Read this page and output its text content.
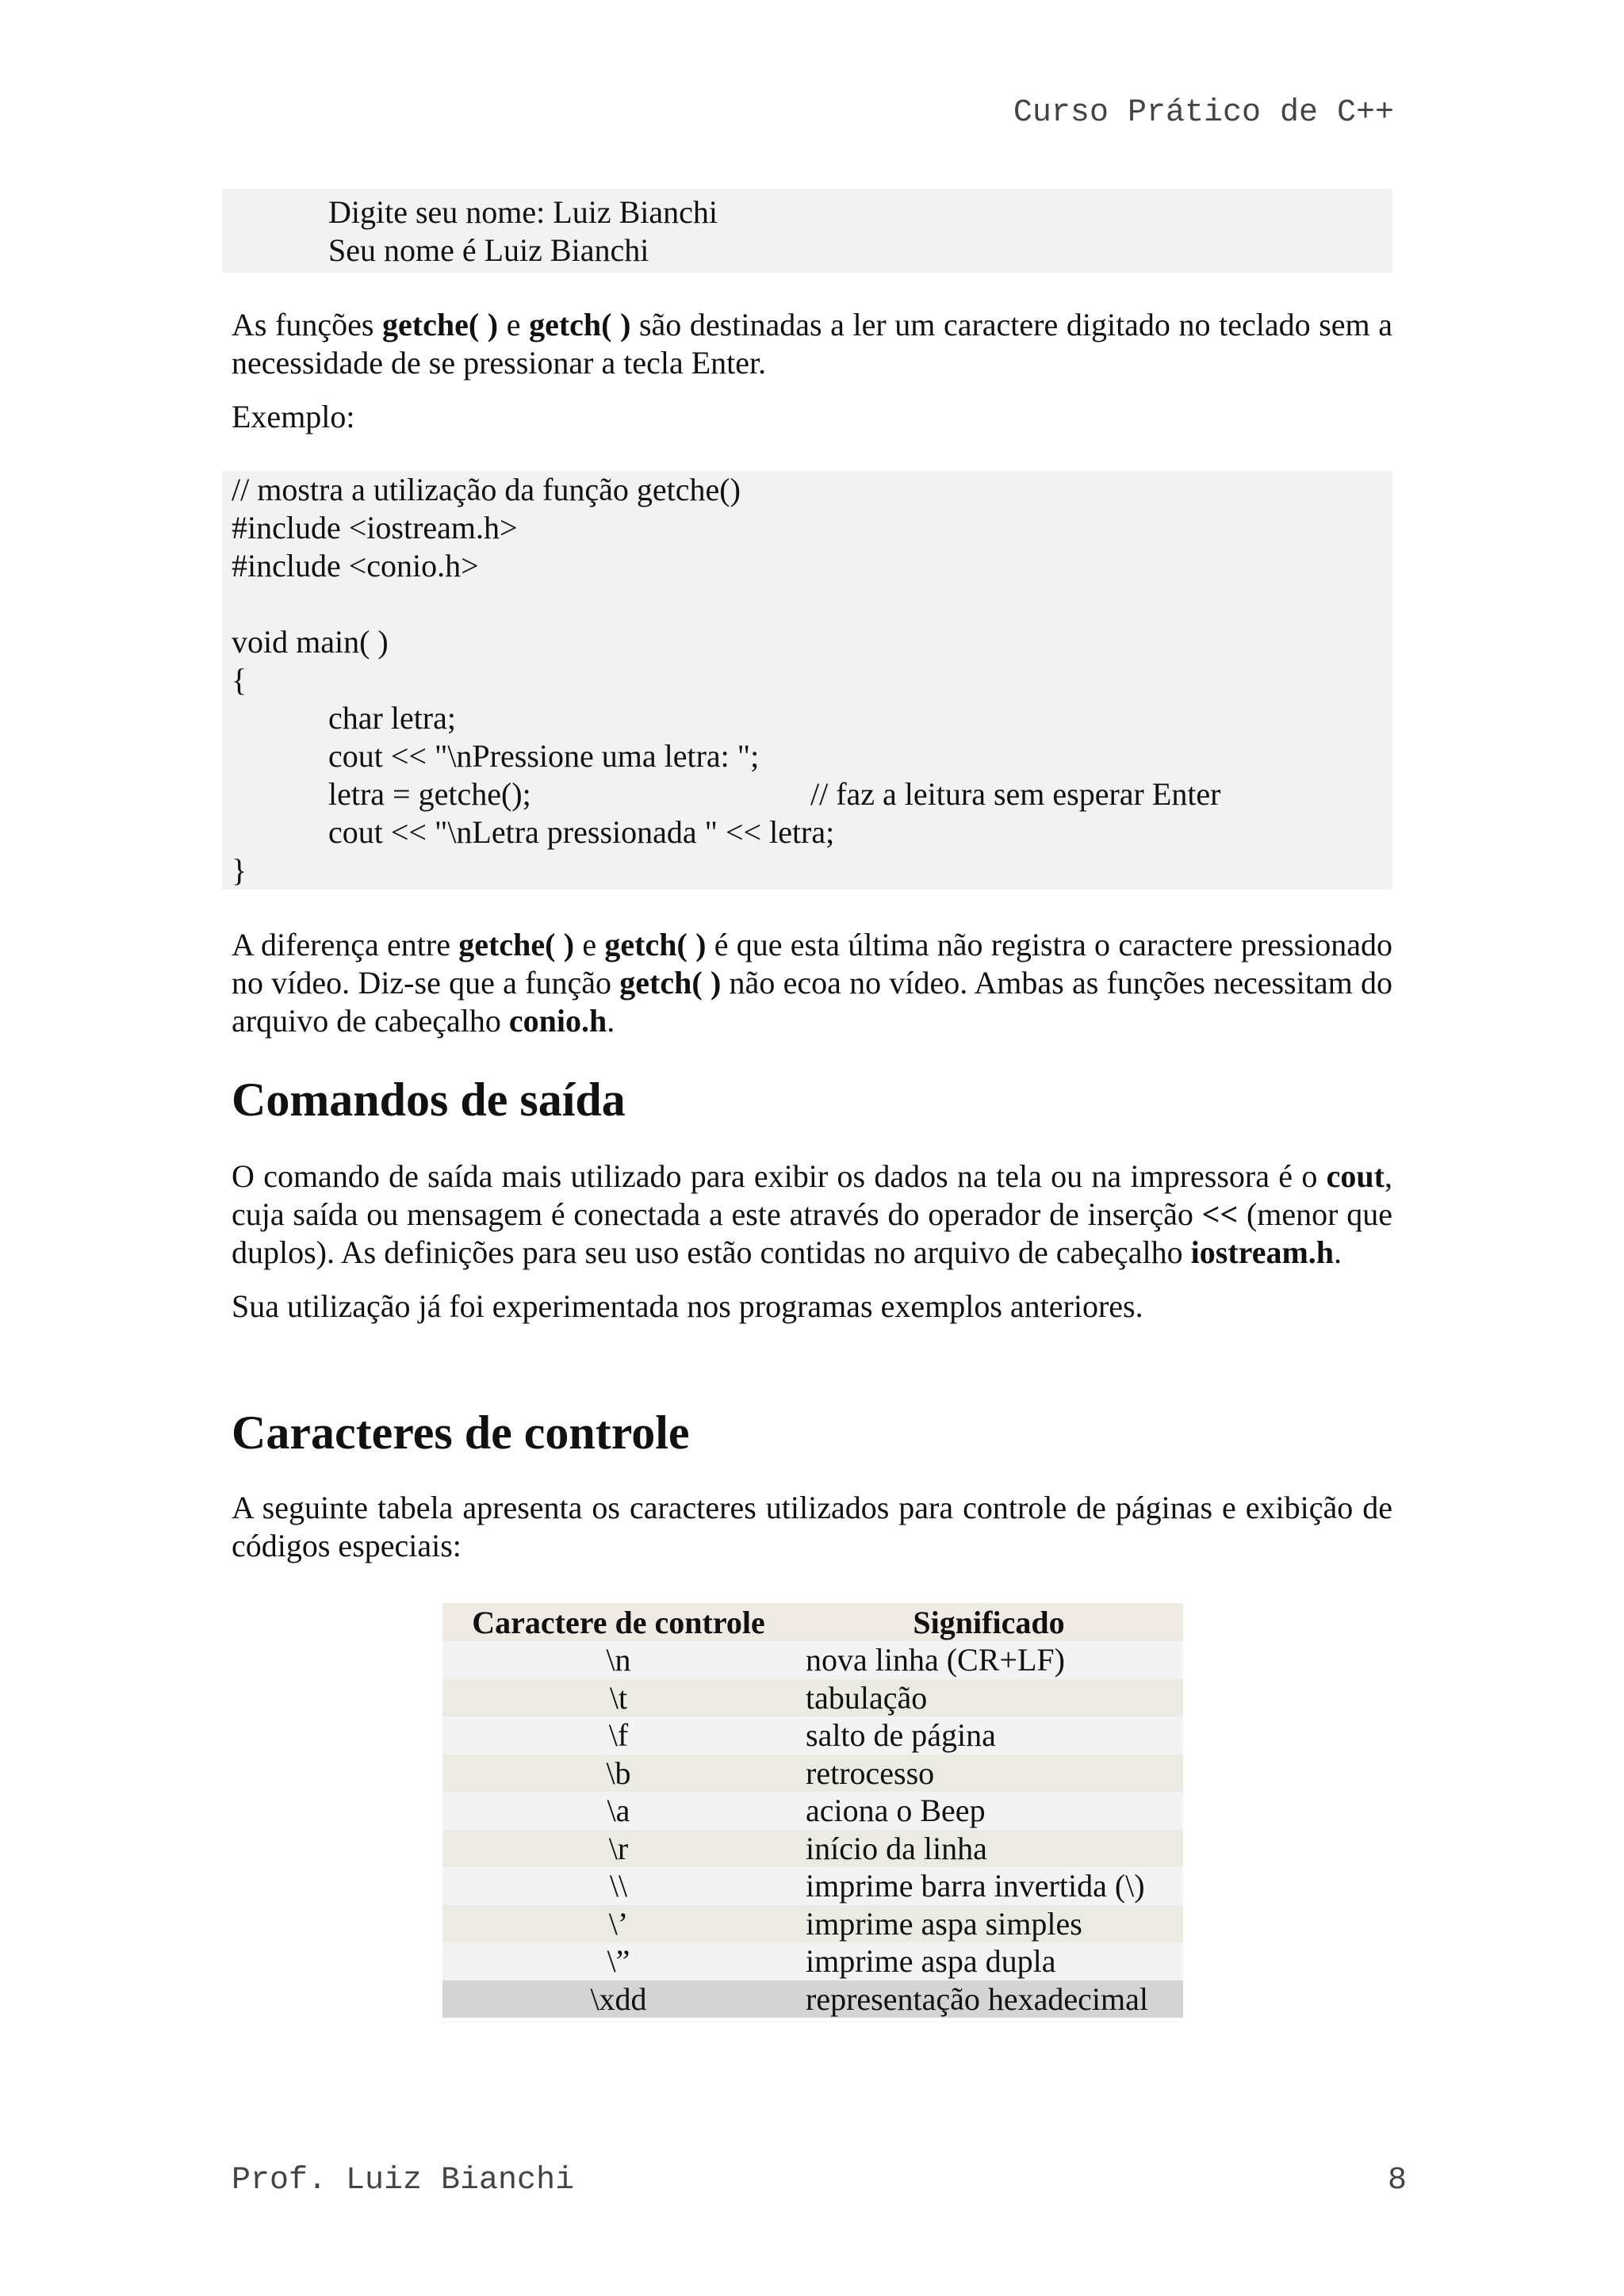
Curso Prático de C++
Digite seu nome: Luiz Bianchi
Seu nome é Luiz Bianchi

As funções getche( ) e getch( ) são destinadas a ler um caractere digitado no teclado sem a necessidade de se pressionar a tecla Enter.

Exemplo:

// mostra a utilização da função getche()
#include <iostream.h>
#include <conio.h>
void main( )
{
char letra;
cout << "\nPressione uma letra: ";
letra = getche();	// faz a leitura sem esperar Enter
cout << "\nLetra pressionada " << letra;
}

A diferença entre getche( ) e getch( ) é que esta última não registra o caractere pressionado no vídeo. Diz-se que a função getch( ) não ecoa no vídeo. Ambas as funções necessitam do arquivo de cabeçalho conio.h.

Comandos de saída

O comando de saída mais utilizado para exibir os dados na tela ou na impressora é o cout, cuja saída ou mensagem é conectada a este através do operador de inserção << (menor que duplos). As definições para seu uso estão contidas no arquivo de cabeçalho iostream.h.

Sua utilização já foi experimentada nos programas exemplos anteriores.

Caracteres de controle

A seguinte tabela apresenta os caracteres utilizados para controle de páginas e exibição de códigos especiais:

Caractere de controle	Significado
\n	nova linha (CR+LF)
\t	tabulação
\f	salto de página
\b	retrocesso
\a	aciona o Beep
\r	início da linha
\\	imprime barra invertida (\)
\’	imprime aspa simples
\”	imprime aspa dupla
\xdd	representação hexadecimal
Prof. Luiz Bianchi	8
